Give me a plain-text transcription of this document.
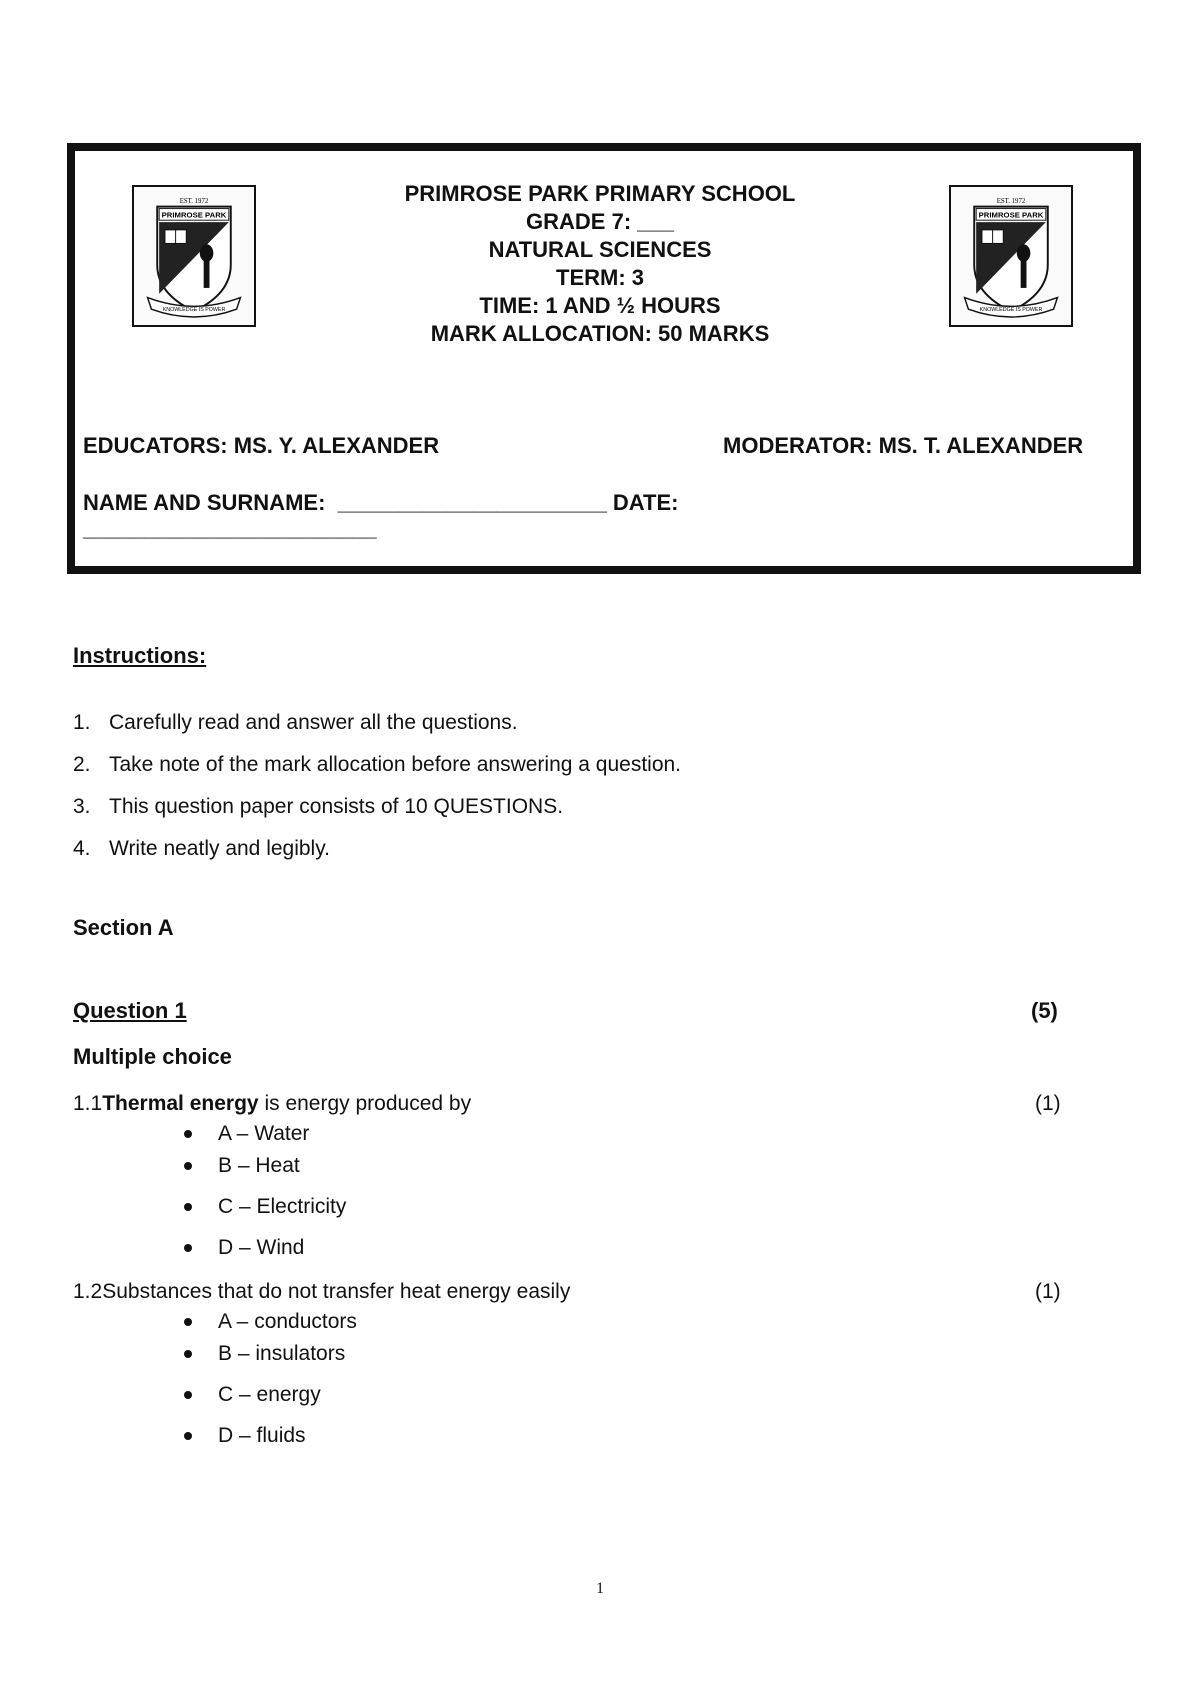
EST. 1972
PRIMROSE PARK
KNOWLEDGE IS POWER
EST. 1972
PRIMROSE PARK
KNOWLEDGE IS POWER
PRIMROSE PARK PRIMARY SCHOOL
GRADE 7: ___
NATURAL SCIENCES
TERM: 3
TIME: 1 AND ½ HOURS
MARK ALLOCATION: 50 MARKS
EDUCATORS: MS. Y. ALEXANDER	MODERATOR: MS. T. ALEXANDER
NAME AND SURNAME:  ______________________ DATE:
________________________
Instructions:
1. Carefully read and answer all the questions.
2. Take note of the mark allocation before answering a question.
3. This question paper consists of 10 QUESTIONS.
4. Write neatly and legibly.
Section A
Question 1	(5)
Multiple choice
1.1Thermal energy is energy produced by	(1)
A – Water
B – Heat
C – Electricity
D – Wind
1.2Substances that do not transfer heat energy easily	(1)
A – conductors
B – insulators
C – energy
D – fluids
1
